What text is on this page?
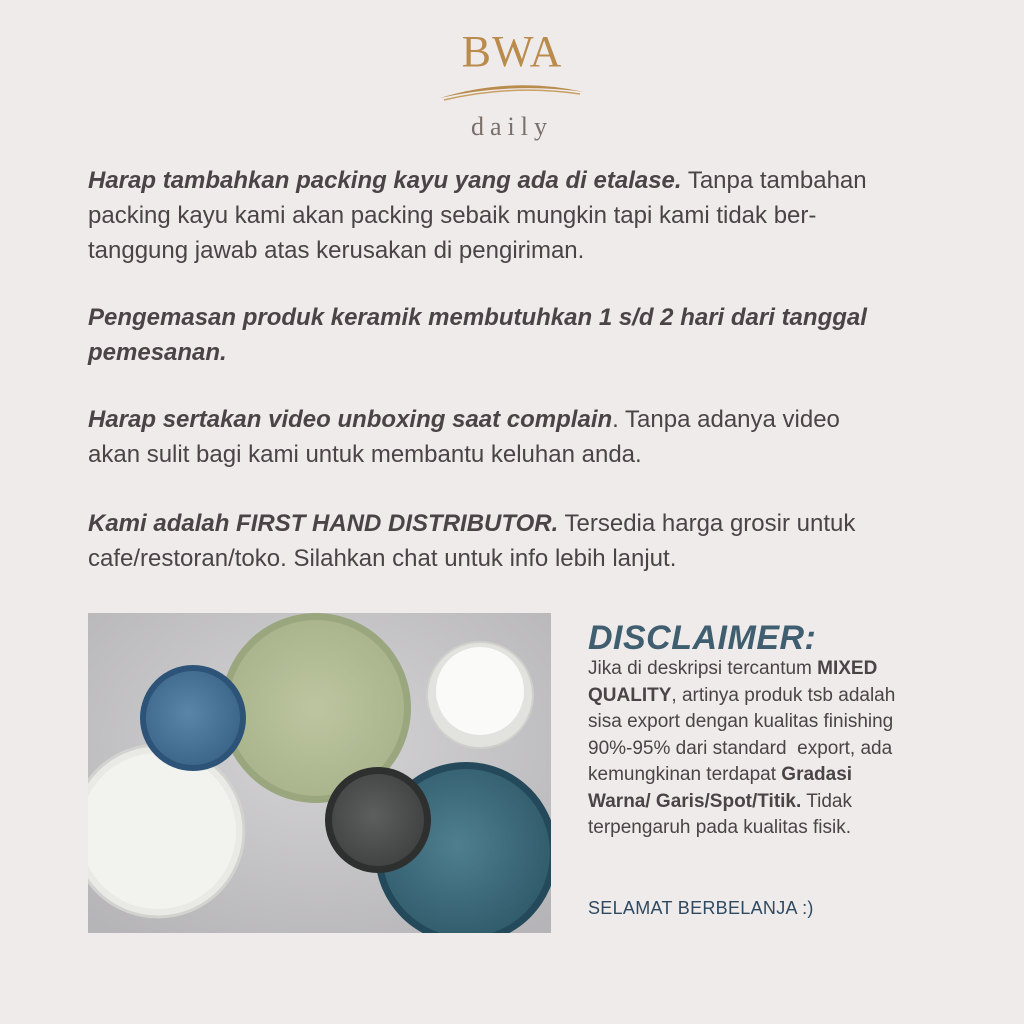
BWA
daily
Harap tambahkan packing kayu yang ada di etalase. Tanpa tambahan
packing kayu kami akan packing sebaik mungkin tapi kami tidak ber-
tanggung jawab atas kerusakan di pengiriman.
Pengemasan produk keramik membutuhkan 1 s/d 2 hari dari tanggal
pemesanan.
Harap sertakan video unboxing saat complain. Tanpa adanya video
akan sulit bagi kami untuk membantu keluhan anda.
Kami adalah FIRST HAND DISTRIBUTOR. Tersedia harga grosir untuk
cafe/restoran/toko. Silahkan chat untuk info lebih lanjut.
DISCLAIMER:
Jika di deskripsi tercantum MIXED
QUALITY, artinya produk tsb adalah
sisa export dengan kualitas finishing
90%-95% dari standard  export, ada
kemungkinan terdapat Gradasi
Warna/ Garis/Spot/Titik. Tidak
terpengaruh pada kualitas fisik.
SELAMAT BERBELANJA :)
